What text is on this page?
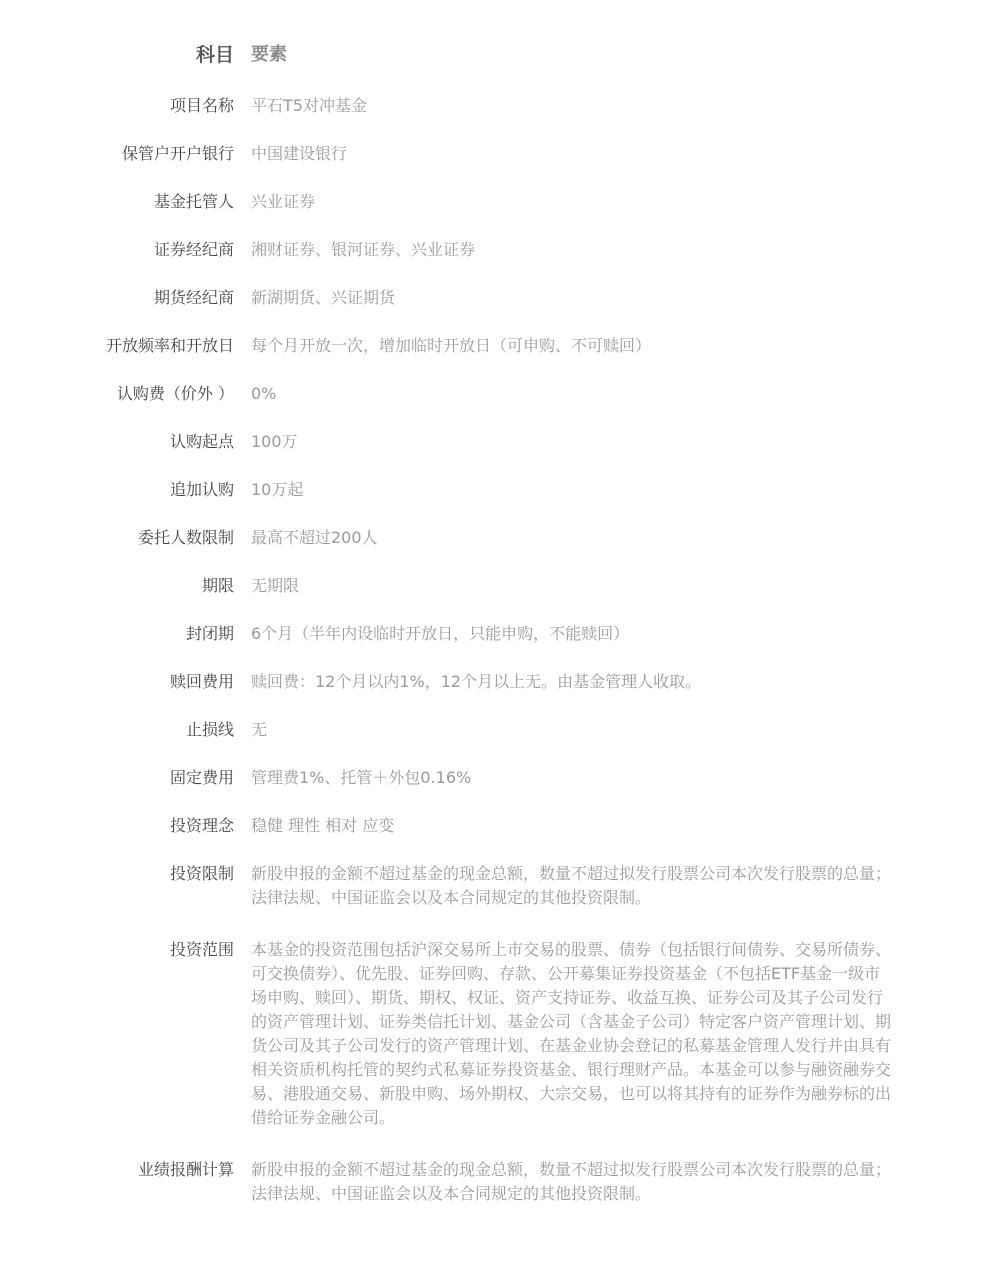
科目 要素
项目名称 平石T5对冲基金
保管户开户银行 中国建设银行
基金托管人 兴业证券
证券经纪商 湘财证券、银河证券、兴业证券
期货经纪商 新湖期货、兴证期货
开放频率和开放日 每个月开放一次，增加临时开放日（可申购、不可赎回）
认购费（价外 ） 0%
认购起点 100万
追加认购 10万起
委托人数限制 最高不超过200人
期限 无期限
封闭期 6个月（半年内设临时开放日，只能申购，不能赎回）
赎回费用 赎回费：12个月以内1%，12个月以上无。由基金管理人收取。
止损线 无
固定费用 管理费1%、托管＋外包0.16%
投资理念 稳健 理性 相对 应变
投资限制 新股申报的金额不超过基金的现金总额，数量不超过拟发行股票公司本次发行股票的总量；法律法规、中国证监会以及本合同规定的其他投资限制。
投资范围 本基金的投资范围包括沪深交易所上市交易的股票、债券（包括银行间债券、交易所债券、可交换债券）、优先股、证券回购、存款、公开募集证券投资基金（不包括ETF基金一级市场申购、赎回）、期货、期权、权证、资产支持证券、收益互换、证券公司及其子公司发行的资产管理计划、证券类信托计划、基金公司（含基金子公司）特定客户资产管理计划、期货公司及其子公司发行的资产管理计划、在基金业协会登记的私募基金管理人发行并由具有相关资质机构托管的契约式私募证券投资基金、银行理财产品。本基金可以参与融资融券交易、港股通交易、新股申购、场外期权、大宗交易，也可以将其持有的证券作为融券标的出借给证券金融公司。
业绩报酬计算 新股申报的金额不超过基金的现金总额，数量不超过拟发行股票公司本次发行股票的总量；法律法规、中国证监会以及本合同规定的其他投资限制。
